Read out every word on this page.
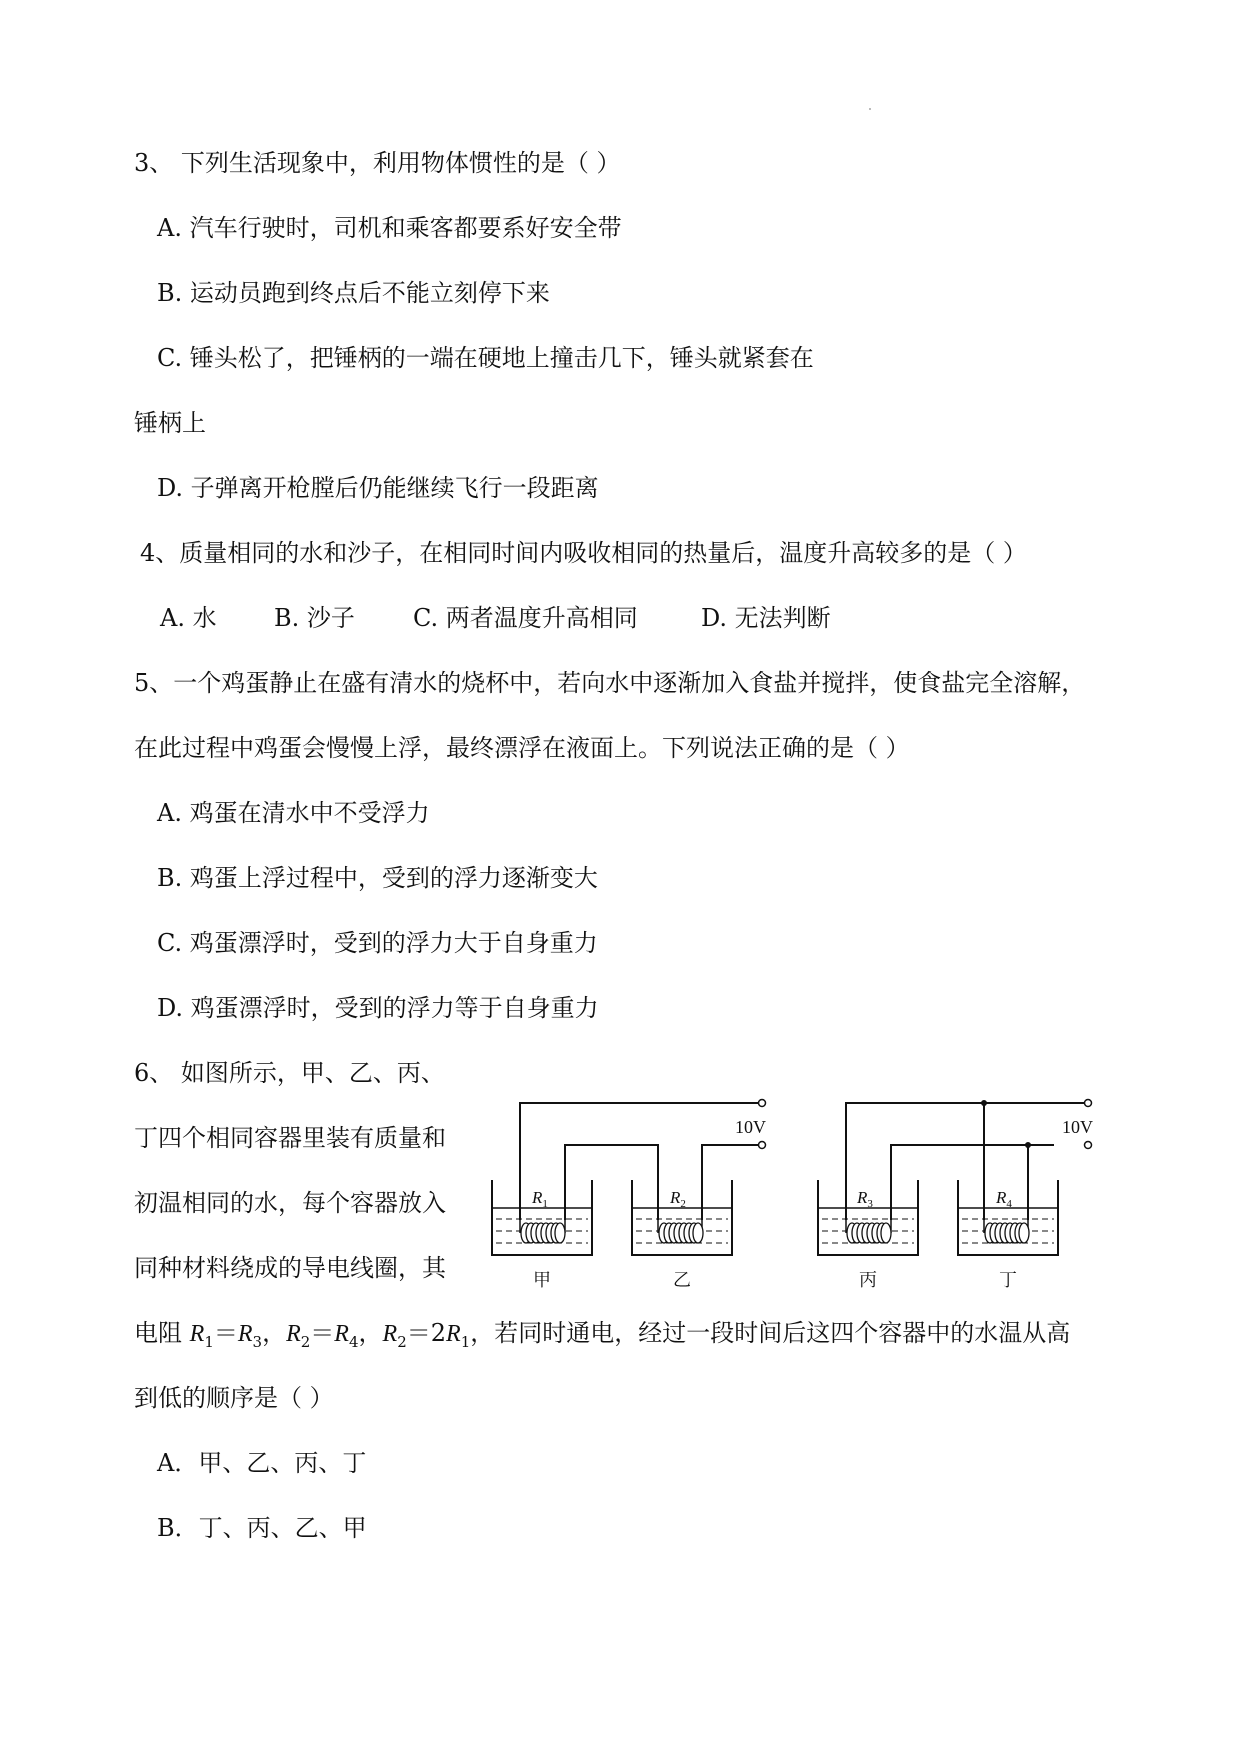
3、 下列生活现象中，利用物体惯性的是（ ）
A. 汽车行驶时，司机和乘客都要系好安全带
B. 运动员跑到终点后不能立刻停下来
C. 锤头松了，把锤柄的一端在硬地上撞击几下，锤头就紧套在
锤柄上
D. 子弹离开枪膛后仍能继续飞行一段距离
4、质量相同的水和沙子，在相同时间内吸收相同的热量后，温度升高较多的是（ ）
A. 水 B. 沙子 C. 两者温度升高相同	D. 无法判断
5、一个鸡蛋静止在盛有清水的烧杯中，若向水中逐渐加入食盐并搅拌，使食盐完全溶解，
在此过程中鸡蛋会慢慢上浮，最终漂浮在液面上。下列说法正确的是（ ）
A. 鸡蛋在清水中不受浮力
B. 鸡蛋上浮过程中，受到的浮力逐渐变大
C. 鸡蛋漂浮时，受到的浮力大于自身重力
D. 鸡蛋漂浮时，受到的浮力等于自身重力
6、 如图所示，甲、乙、丙、
丁四个相同容器里装有质量和
初温相同的水，每个容器放入
同种材料绕成的导电线圈，其
电阻 $R_1=R_3$，$R_2=R_4$，$R_2=2R_1$，若同时通电，经过一段时间后这四个容器中的水温从高
到低的顺序是（ ）
A．甲、乙、丙、丁
B．丁、丙、乙、甲
10V	10V
$R_1$	$R_2$	$R_3$	$R_4$
甲	乙	丙	丁
